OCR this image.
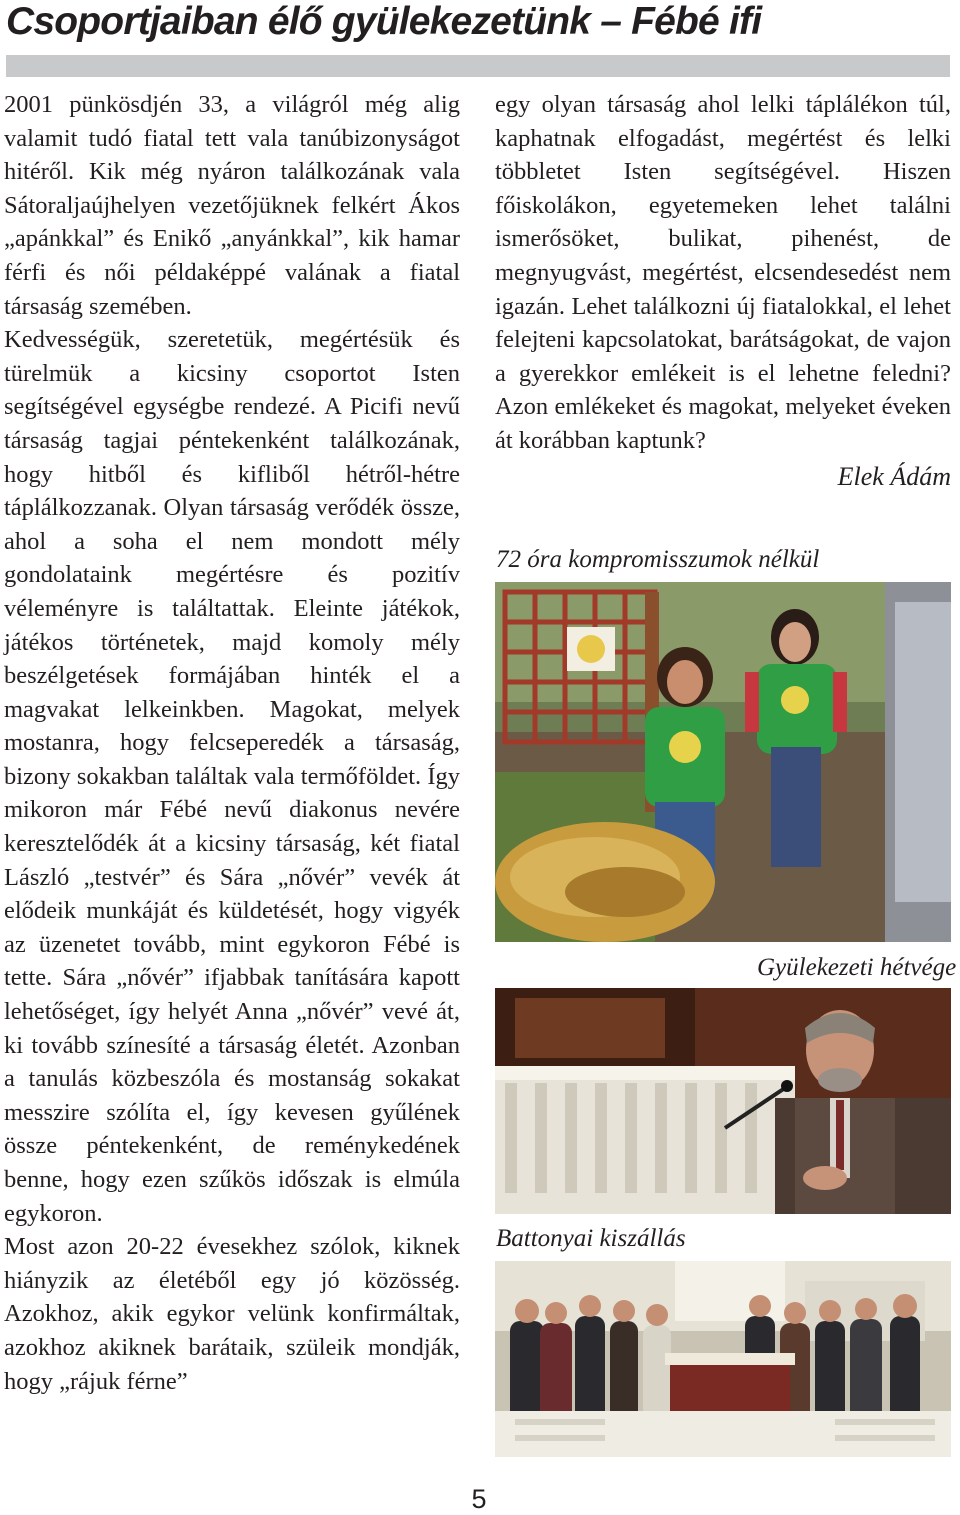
Csoportjaiban élő gyülekezetünk – Fébé ifi

2001 pünkösdjén 33, a világról még alig valamit tudó fiatal tett vala tanúbizonyságot hitéről. Kik még nyáron találkozának vala Sátoraljaújhelyen vezetőjüknek felkért Ákos „apánkkal” és Enikő „anyánkkal”, kik hamar férfi és női példaképpé valának a fiatal társaság szemében.

Kedvességük, szeretetük, megértésük és türelmük a kicsiny csoportot Isten segítségével egységbe rendezé. A Picifi nevű társaság tagjai péntekenként találkozának, hogy hitből és kifliből hétről-hétre táplálkozzanak. Olyan társaság verődék össze, ahol a soha el nem mondott mély gondolataink megértésre és pozitív véleményre is találtattak. Eleinte játékok, játékos történetek, majd komoly mély beszélgetések formájában hinték el a magvakat lelkeinkben. Magokat, melyek mostanra, hogy felcseperedék a társaság, bizony sokakban találtak vala termőföldet. Így mikoron már Fébé nevű diakonus nevére keresztelődék át a kicsiny társaság, két fiatal László „testvér” és Sára „nővér” vevék át elődeik munkáját és küldetését, hogy vigyék az üzenetet tovább, mint egykoron Fébé is tette. Sára „nővér” ifjabbak tanítására kapott lehetőséget, így helyét Anna „nővér” vevé át, ki tovább színesíté a társaság életét. Azonban a tanulás közbeszóla és mostanság sokakat messzire szólíta el, így kevesen gyűlének össze péntekenként, de reménykedének benne, hogy ezen szűkös időszak is elmúla egykoron.

Most azon 20-22 évesekhez szólok, kiknek hiányzik az életéből egy jó közösség. Azokhoz, akik egykor velünk konfirmáltak, azokhoz akiknek barátaik, szüleik mondják, hogy „rájuk férne”

egy olyan társaság ahol lelki táplálékon túl, kaphatnak elfogadást, megértést és lelki többletet Isten segítségével. Hiszen főiskolákon, egyetemeken lehet találni ismerősöket, bulikat, pihenést, de megnyugvást, megértést, elcsendesedést nem igazán. Lehet találkozni új fiatalokkal, el lehet felejteni kapcsolatokat, barátságokat, de vajon a gyerekkor emlékeit is el lehetne feledni? Azon emlékeket és magokat, melyeket éveken át korábban kaptunk?

Elek Ádám
72 óra kompromisszumok nélkül
Gyülekezeti hétvége
Battonyai kiszállás
5
